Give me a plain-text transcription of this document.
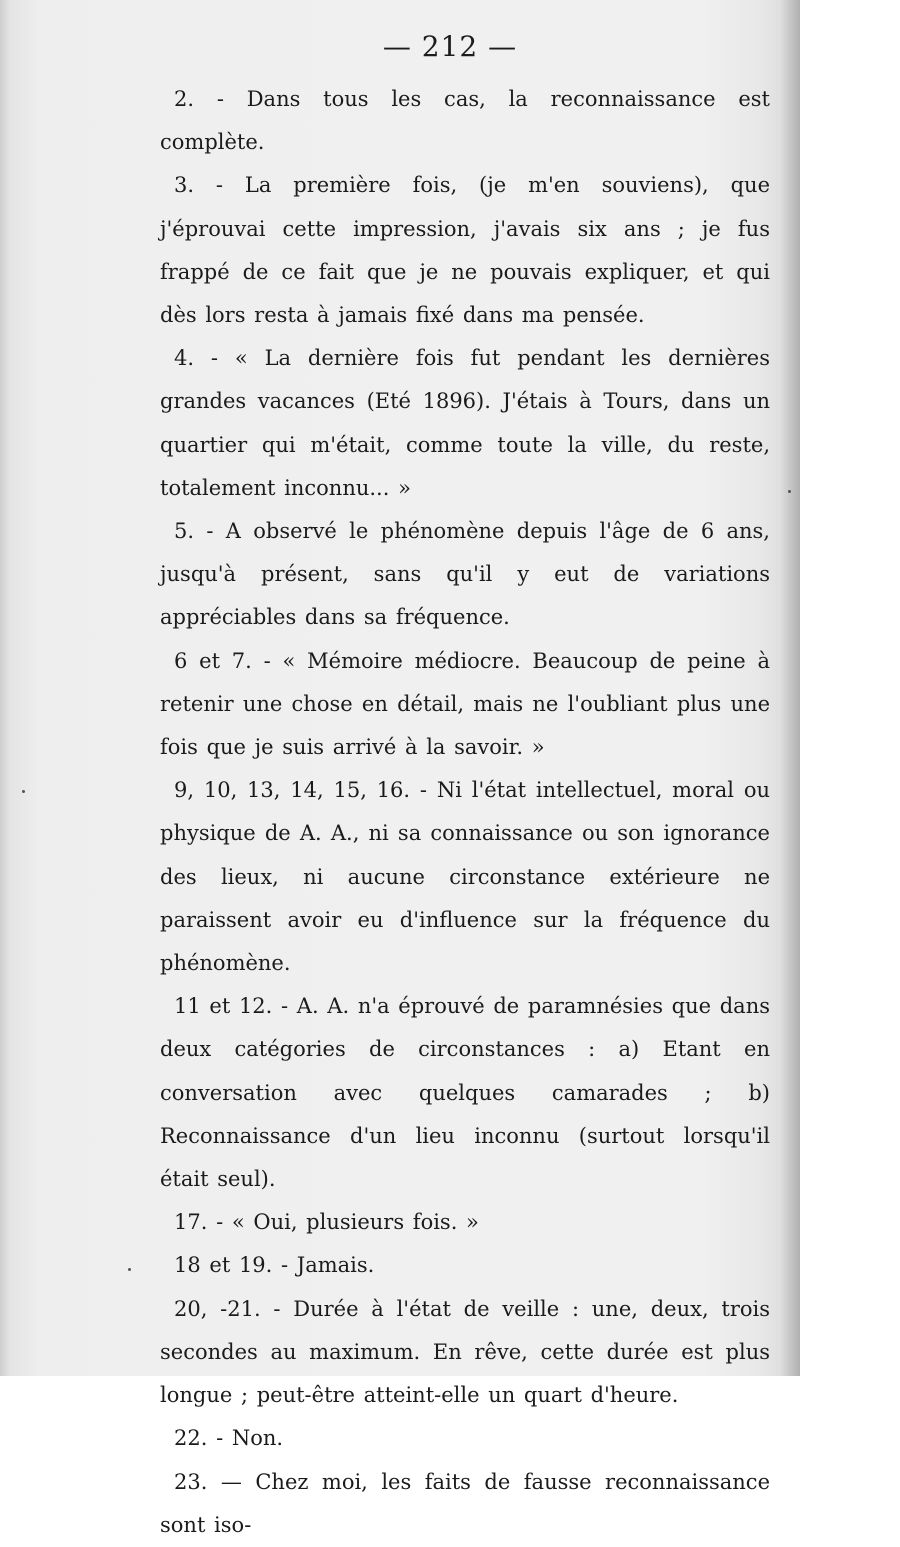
— 212 —

2. - Dans tous les cas, la reconnaissance est complète.

3. - La première fois, (je m'en souviens), que j'éprouvai cette impression, j'avais six ans ; je fus frappé de ce fait que je ne pouvais expliquer, et qui dès lors resta à jamais fixé dans ma pensée.

4. - « La dernière fois fut pendant les dernières grandes vacances (Eté 1896). J'étais à Tours, dans un quartier qui m'était, comme toute la ville, du reste, totalement inconnu... »

5. - A observé le phénomène depuis l'âge de 6 ans, jusqu'à présent, sans qu'il y eut de variations appréciables dans sa fréquence.

6 et 7. - « Mémoire médiocre. Beaucoup de peine à retenir une chose en détail, mais ne l'oubliant plus une fois que je suis arrivé à la savoir. »

9, 10, 13, 14, 15, 16. - Ni l'état intellectuel, moral ou physique de A. A., ni sa connaissance ou son ignorance des lieux, ni aucune circonstance extérieure ne paraissent avoir eu d'influence sur la fréquence du phénomène.

11 et 12. - A. A. n'a éprouvé de paramnésies que dans deux catégories de circonstances : a) Etant en conversation avec quelques camarades ; b) Reconnaissance d'un lieu inconnu (surtout lorsqu'il était seul).

17. - « Oui, plusieurs fois. »

18 et 19. - Jamais.

20, -21. - Durée à l'état de veille : une, deux, trois secondes au maximum. En rêve, cette durée est plus longue ; peut-être atteint-elle un quart d'heure.

22. - Non.

23. — Chez moi, les faits de fausse reconnaissance sont iso-
